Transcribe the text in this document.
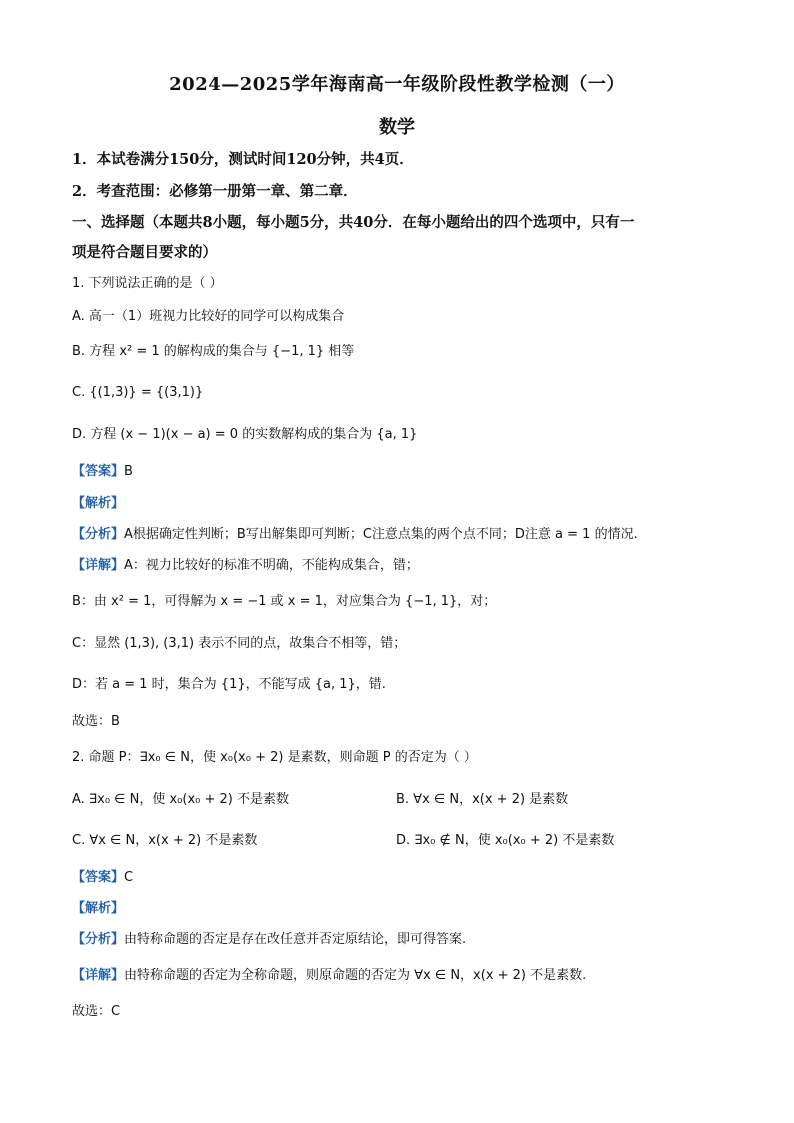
2024—2025学年海南高一年级阶段性教学检测（一）
数学
1．本试卷满分150分，测试时间120分钟，共4页．
2．考查范围：必修第一册第一章、第二章．
一、选择题（本题共8小题，每小题5分，共40分．在每小题给出的四个选项中，只有一
项是符合题目要求的）
1. 下列说法正确的是（ ）
A. 高一（1）班视力比较好的同学可以构成集合
B. 方程 x² = 1 的解构成的集合与 {−1, 1} 相等
C. {(1,3)} = {(3,1)}
D. 方程 (x − 1)(x − a) = 0 的实数解构成的集合为 {a, 1}
【答案】B
【解析】
【分析】A根据确定性判断；B写出解集即可判断；C注意点集的两个点不同；D注意 a = 1 的情况.
【详解】A：视力比较好的标准不明确，不能构成集合，错；
B：由 x² = 1，可得解为 x = −1 或 x = 1，对应集合为 {−1, 1}，对；
C：显然 (1,3), (3,1) 表示不同的点，故集合不相等，错；
D：若 a = 1 时，集合为 {1}，不能写成 {a, 1}，错.
故选：B
2. 命题 P：∃x₀ ∈ N，使 x₀(x₀ + 2) 是素数，则命题 P 的否定为（ ）
A. ∃x₀ ∈ N，使 x₀(x₀ + 2) 不是素数	B. ∀x ∈ N，x(x + 2) 是素数
C. ∀x ∈ N，x(x + 2) 不是素数	D. ∃x₀ ∉ N，使 x₀(x₀ + 2) 不是素数
【答案】C
【解析】
【分析】由特称命题的否定是存在改任意并否定原结论，即可得答案.
【详解】由特称命题的否定为全称命题，则原命题的否定为 ∀x ∈ N，x(x + 2) 不是素数.
故选：C
